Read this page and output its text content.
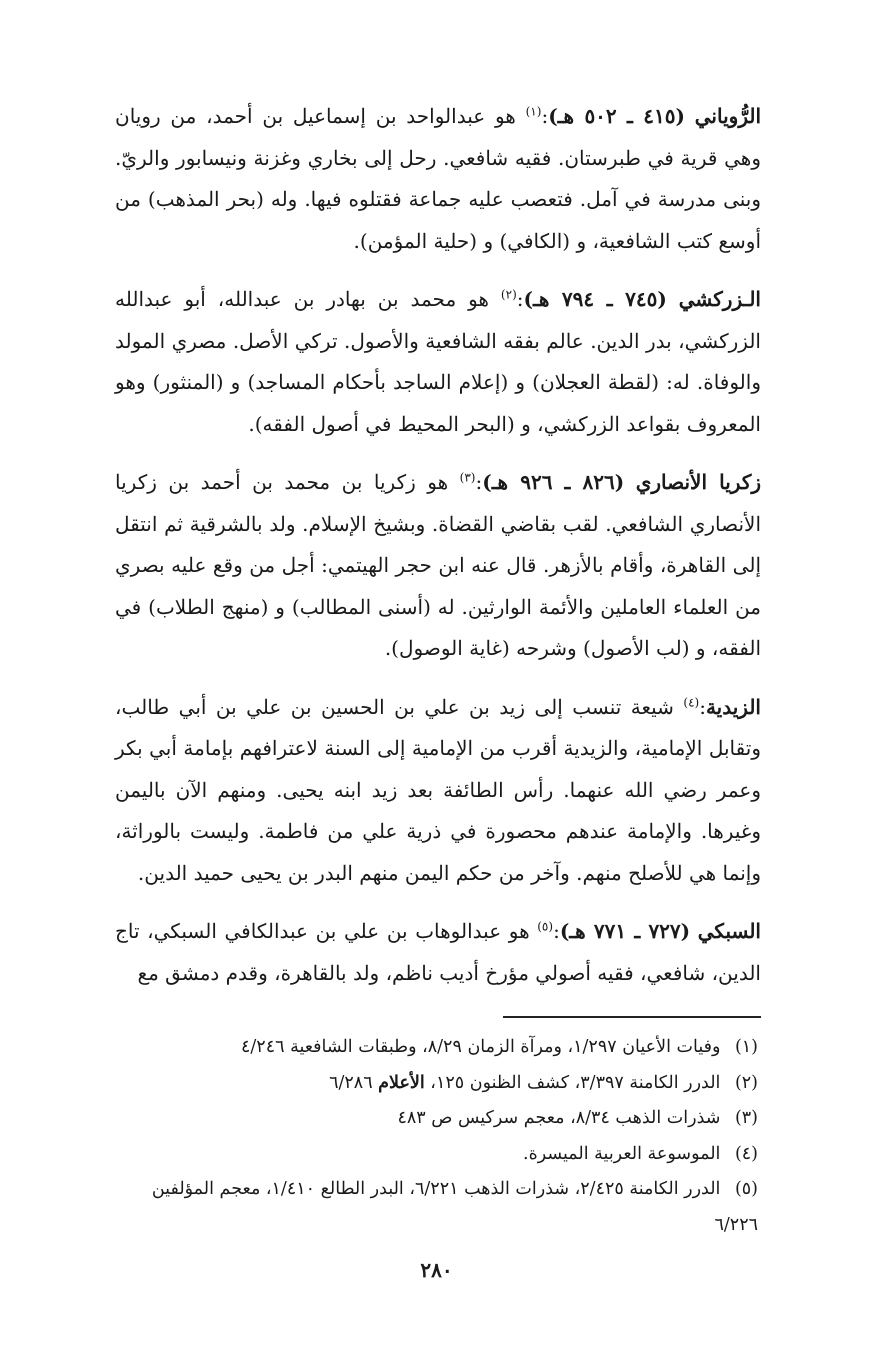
الرُّوياني (٤١٥ ـ ٥٠٢ هـ):$^{(١)}$ هو عبدالواحد بن إسماعيل بن أحمد، من رويان وهي قرية في طبرستان. فقيه شافعي. رحل إلى بخاري وغزنة ونيسابور والريّ. وبنى مدرسة في آمل. فتعصب عليه جماعة فقتلوه فيها. وله (بحر المذهب) من أوسع كتب الشافعية، و (الكافي) و (حلية المؤمن).

الـزركشي (٧٤٥ ـ ٧٩٤ هـ):$^{(٢)}$ هو محمد بن بهادر بن عبدالله، أبو عبدالله الزركشي، بدر الدين. عالم بفقه الشافعية والأصول. تركي الأصل. مصري المولد والوفاة. له: (لقطة العجلان) و (إعلام الساجد بأحكام المساجد) و (المنثور) وهو المعروف بقواعد الزركشي، و (البحر المحيط في أصول الفقه).

زكريا الأنصاري (٨٢٦ ـ ٩٢٦ هـ):$^{(٣)}$ هو زكريا بن محمد بن أحمد بن زكريا الأنصاري الشافعي. لقب بقاضي القضاة. وبشيخ الإسلام. ولد بالشرقية ثم انتقل إلى القاهرة، وأقام بالأزهر. قال عنه ابن حجر الهيتمي: أجل من وقع عليه بصري من العلماء العاملين والأئمة الوارثين. له (أسنى المطالب) و (منهج الطلاب) في الفقه، و (لب الأصول) وشرحه (غاية الوصول).

الزيدية:$^{(٤)}$ شيعة تنسب إلى زيد بن علي بن الحسين بن علي بن أبي طالب، وتقابل الإمامية، والزيدية أقرب من الإمامية إلى السنة لاعترافهم بإمامة أبي بكر وعمر رضي الله عنهما. رأس الطائفة بعد زيد ابنه يحيى. ومنهم الآن باليمن وغيرها. والإمامة عندهم محصورة في ذرية علي من فاطمة. وليست بالوراثة، وإنما هي للأصلح منهم. وآخر من حكم اليمن منهم البدر بن يحيى حميد الدين.

السبكي (٧٢٧ ـ ٧٧١ هـ):$^{(٥)}$ هو عبدالوهاب بن علي بن عبدالكافي السبكي، تاج الدين، شافعي، فقيه أصولي مؤرخ أديب ناظم، ولد بالقاهرة، وقدم دمشق مع

(١) وفيات الأعيان ١/٢٩٧، ومرآة الزمان ٨/٢٩، وطبقات الشافعية ٤/٢٤٦

(٢) الدرر الكامنة ٣/٣٩٧، كشف الظنون ١٢٥، الأعلام ٦/٢٨٦

(٣) شذرات الذهب ٨/٣٤، معجم سركيس ص ٤٨٣

(٤) الموسوعة العربية الميسرة.

(٥) الدرر الكامنة ٢/٤٢٥، شذرات الذهب ٦/٢٢١، البدر الطالع ١/٤١٠، معجم المؤلفين ٦/٢٢٦

٢٨٠
